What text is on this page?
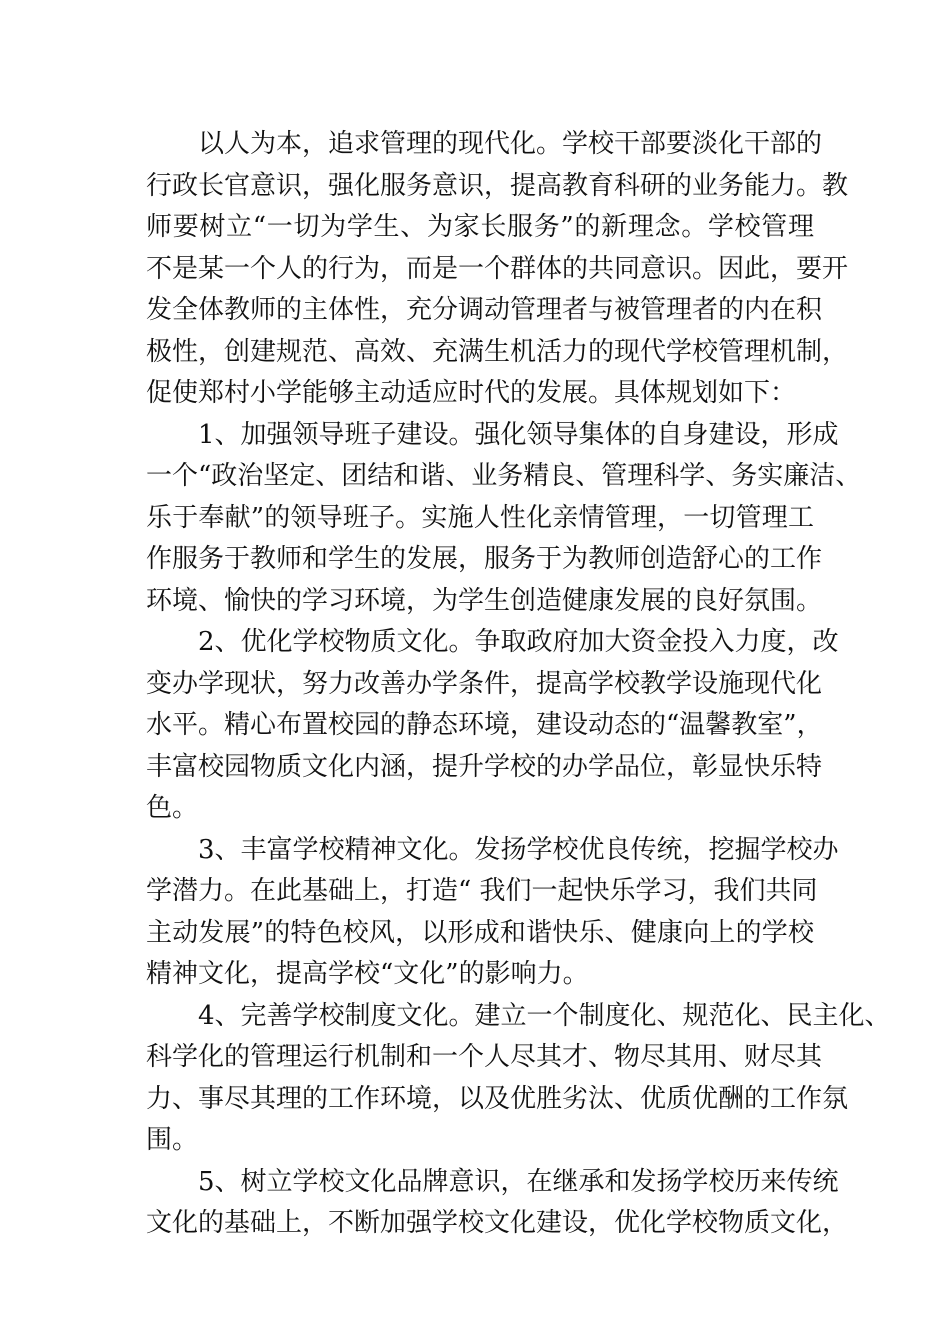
以人为本，追求管理的现代化。学校干部要淡化干部的
行政长官意识，强化服务意识，提高教育科研的业务能力。教
师要树立“一切为学生、为家长服务”的新理念。学校管理
不是某一个人的行为，而是一个群体的共同意识。因此，要开
发全体教师的主体性，充分调动管理者与被管理者的内在积
极性，创建规范、高效、充满生机活力的现代学校管理机制，
促使郑村小学能够主动适应时代的发展。具体规划如下：
1、加强领导班子建设。强化领导集体的自身建设，形成
一个“政治坚定、团结和谐、业务精良、管理科学、务实廉洁、
乐于奉献”的领导班子。实施人性化亲情管理，一切管理工
作服务于教师和学生的发展，服务于为教师创造舒心的工作
环境、愉快的学习环境，为学生创造健康发展的良好氛围。
2、优化学校物质文化。争取政府加大资金投入力度，改
变办学现状，努力改善办学条件，提高学校教学设施现代化
水平。精心布置校园的静态环境，建设动态的“温馨教室”，
丰富校园物质文化内涵，提升学校的办学品位，彰显快乐特
色。
3、丰富学校精神文化。发扬学校优良传统，挖掘学校办
学潜力。在此基础上，打造“ 我们一起快乐学习，我们共同
主动发展”的特色校风，以形成和谐快乐、健康向上的学校
精神文化，提高学校“文化”的影响力。
4、完善学校制度文化。建立一个制度化、规范化、民主化、
科学化的管理运行机制和一个人尽其才、物尽其用、财尽其
力、事尽其理的工作环境，以及优胜劣汰、优质优酬的工作氛
围。
5、树立学校文化品牌意识，在继承和发扬学校历来传统
文化的基础上，不断加强学校文化建设，优化学校物质文化，
